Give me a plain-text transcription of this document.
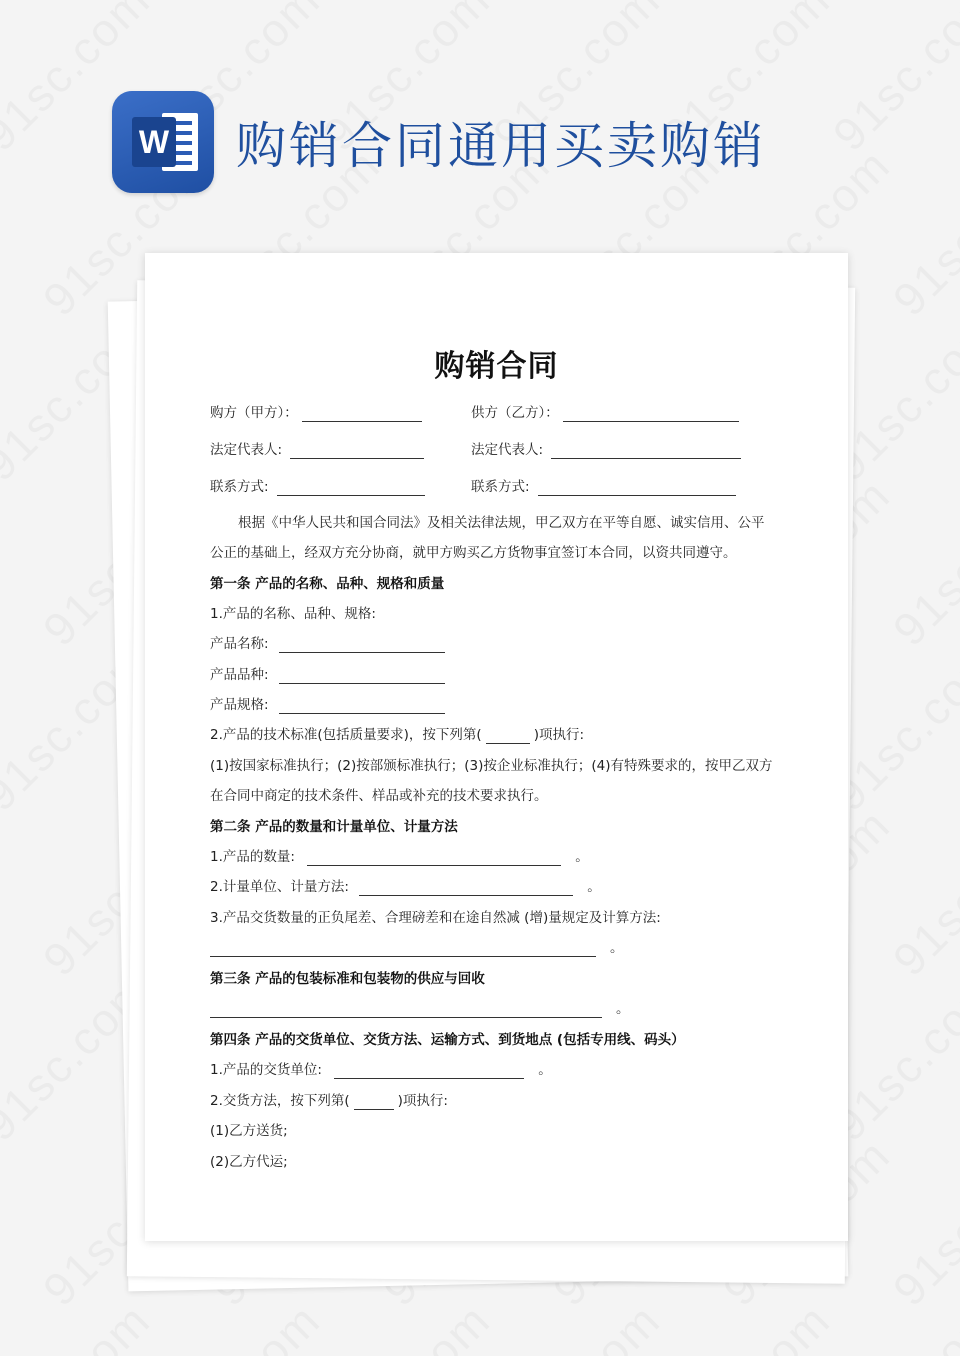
W 购销合同通用买卖购销
购销合同
购方（甲方）：	供方（乙方）：
法定代表人:	法定代表人:
联系方式:	联系方式:
根据《中华人民共和国合同法》及相关法律法规，甲乙双方在平等自愿、诚实信用、公平
公正的基础上，经双方充分协商，就甲方购买乙方货物事宜签订本合同，以资共同遵守。
第一条 产品的名称、品种、规格和质量
1.产品的名称、品种、规格:
产品名称:
产品品种:
产品规格:
2.产品的技术标准(包括质量要求)，按下列第(	)项执行:
(1)按国家标准执行；(2)按部颁标准执行；(3)按企业标准执行；(4)有特殊要求的，按甲乙双方
在合同中商定的技术条件、样品或补充的技术要求执行。
第二条 产品的数量和计量单位、计量方法
1.产品的数量:	。
2.计量单位、计量方法:	。
3.产品交货数量的正负尾差、合理磅差和在途自然减 (增)量规定及计算方法:
。
第三条 产品的包装标准和包装物的供应与回收
。
第四条 产品的交货单位、交货方法、运输方式、到货地点 (包括专用线、码头）
1.产品的交货单位:	。
2.交货方法，按下列第(	)项执行:
(1)乙方送货;
(2)乙方代运;
